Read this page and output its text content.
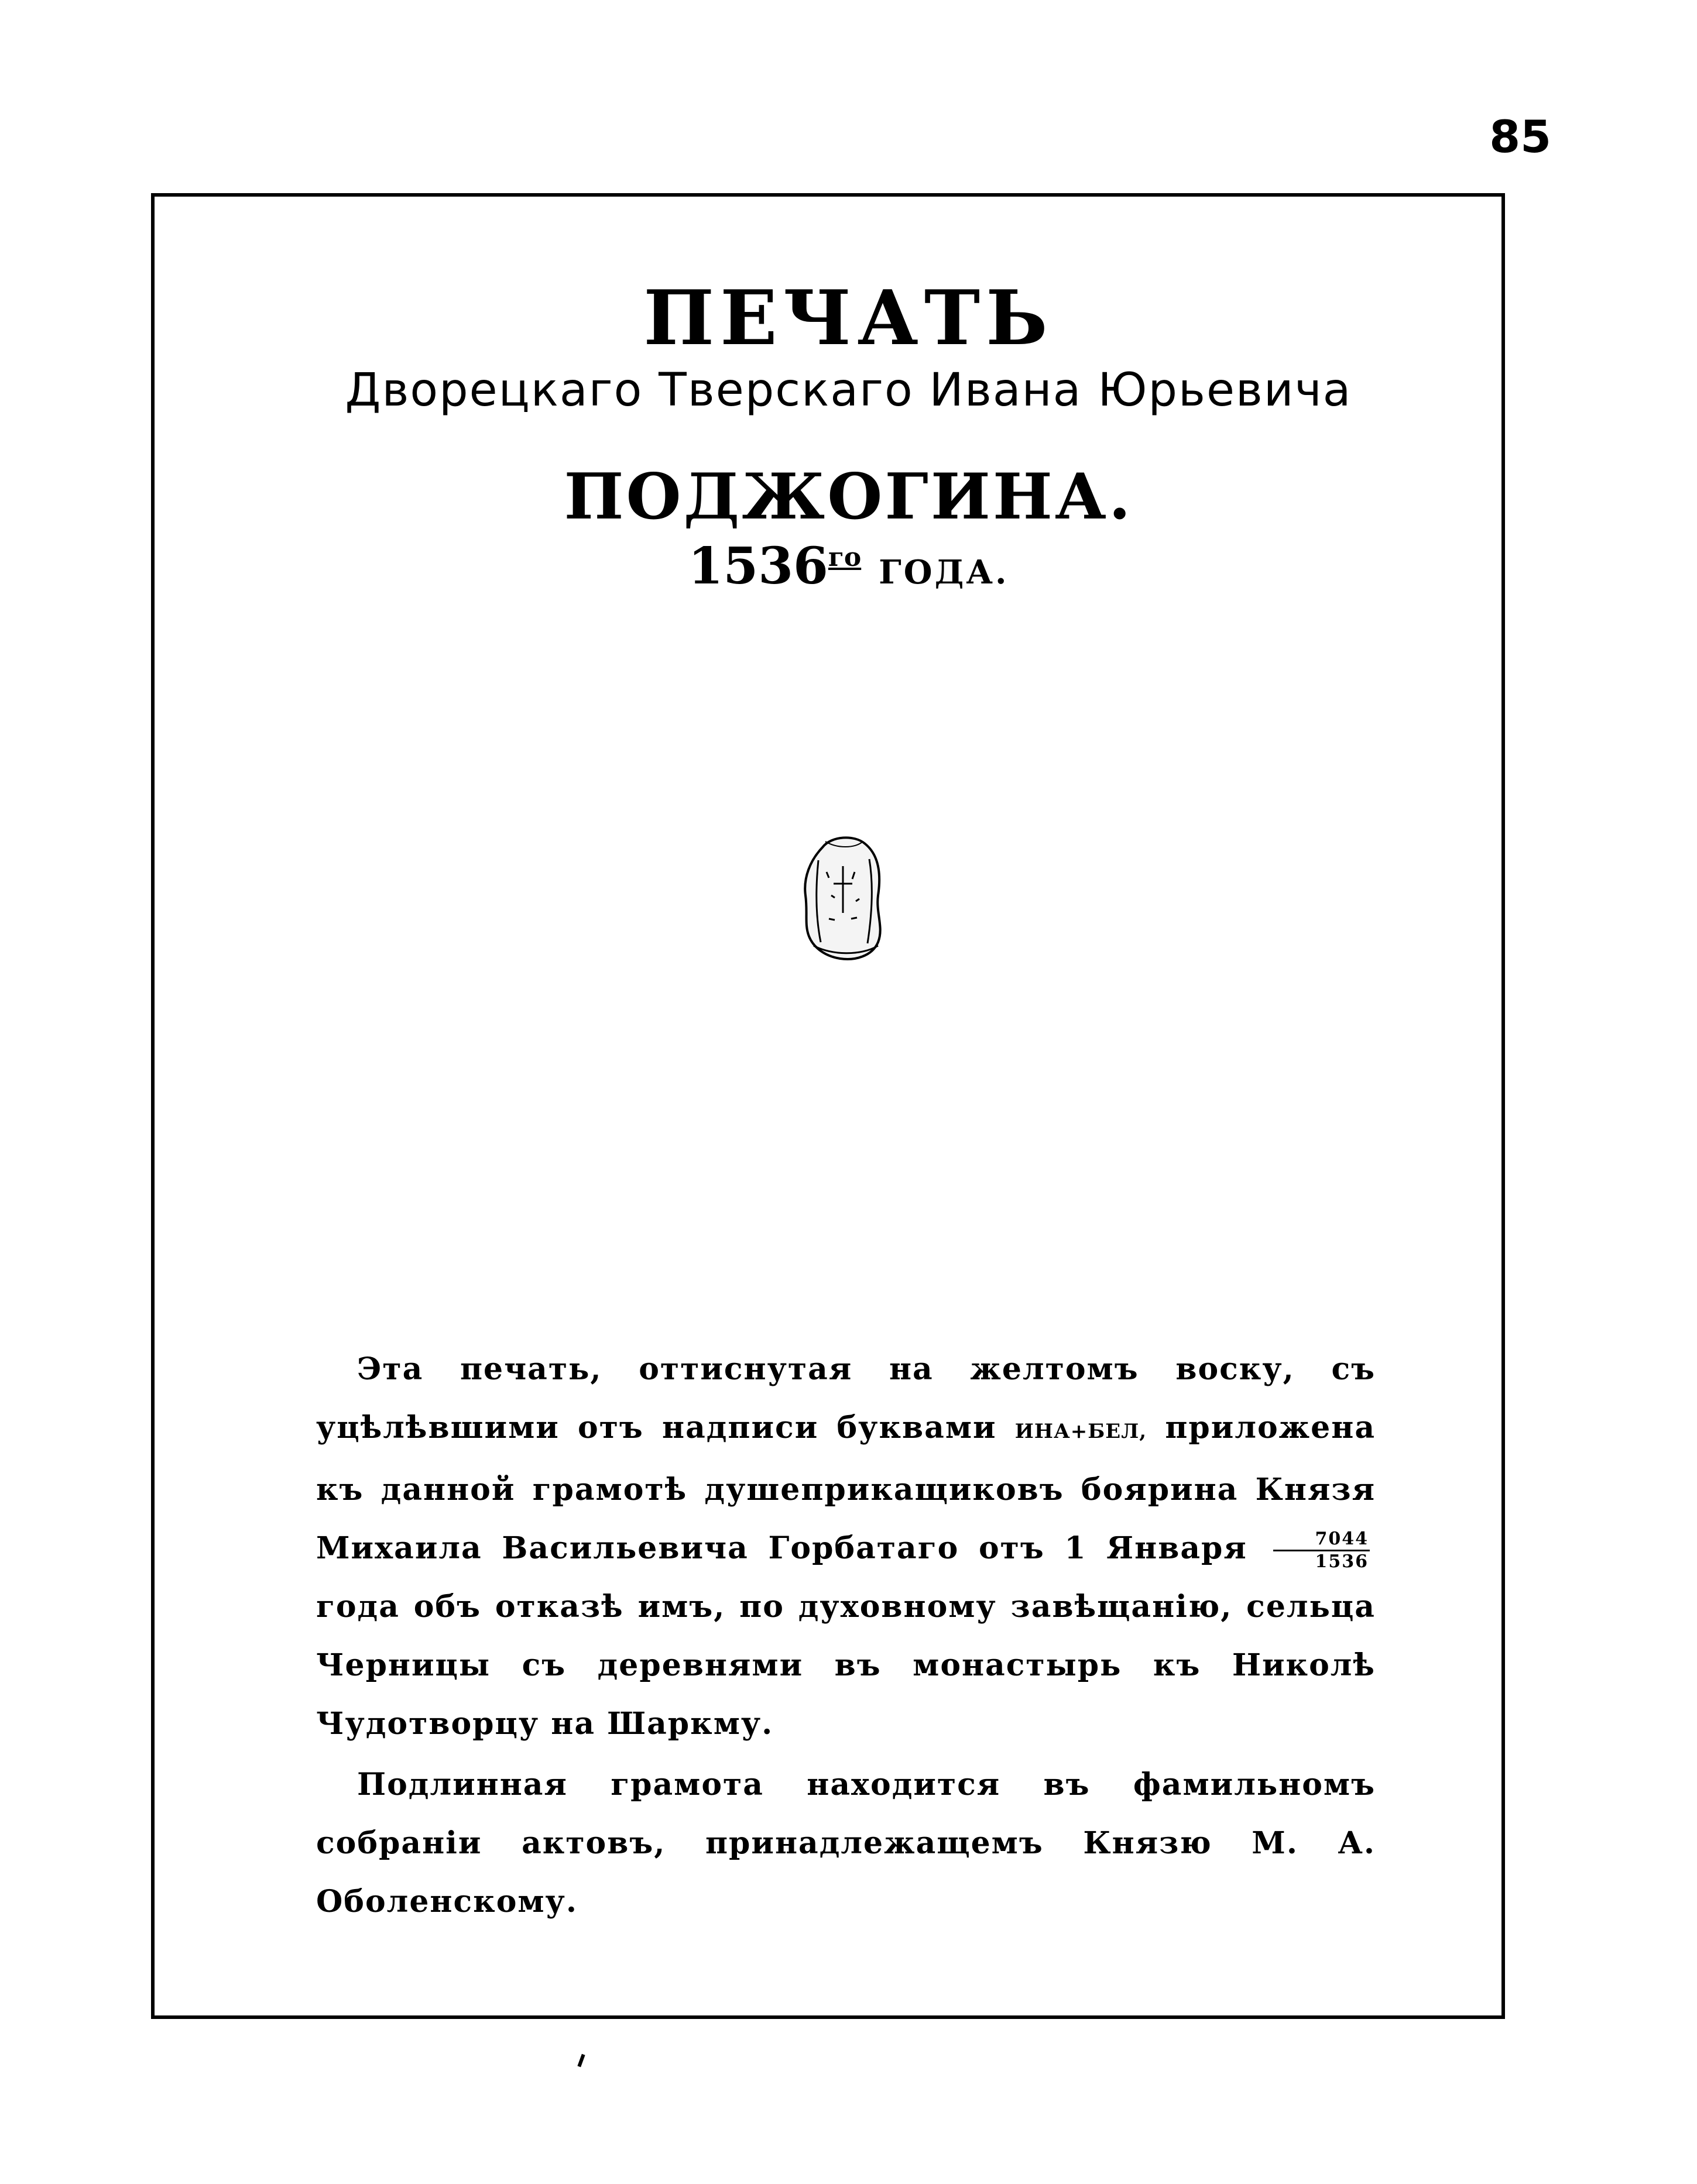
85
ПЕЧАТЬ
Дворецкаго Тверскаго Ивана Юрьевича
ПОДЖОГИНА.
$1536^{го}$ ГОДА.

Эта печать, оттиснутая на желтомъ воску, съ уцѣлѣвшими отъ надписи буквами ИНА+БЕЛ, приложена къ данной грамотѣ душеприкащиковъ боярина Князя Михаила Васильевича Горбатаго отъ 1 Января $\frac{7044}{1536}$
года объ отказѣ имъ, по духовному завѣщанію, сельца Черницы съ деревнями въ монастырь къ Николѣ Чудотворцу на Шаркму.

Подлинная грамота находится въ фамильномъ собраніи актовъ, принадлежащемъ Князю М. А. Оболенскому.
